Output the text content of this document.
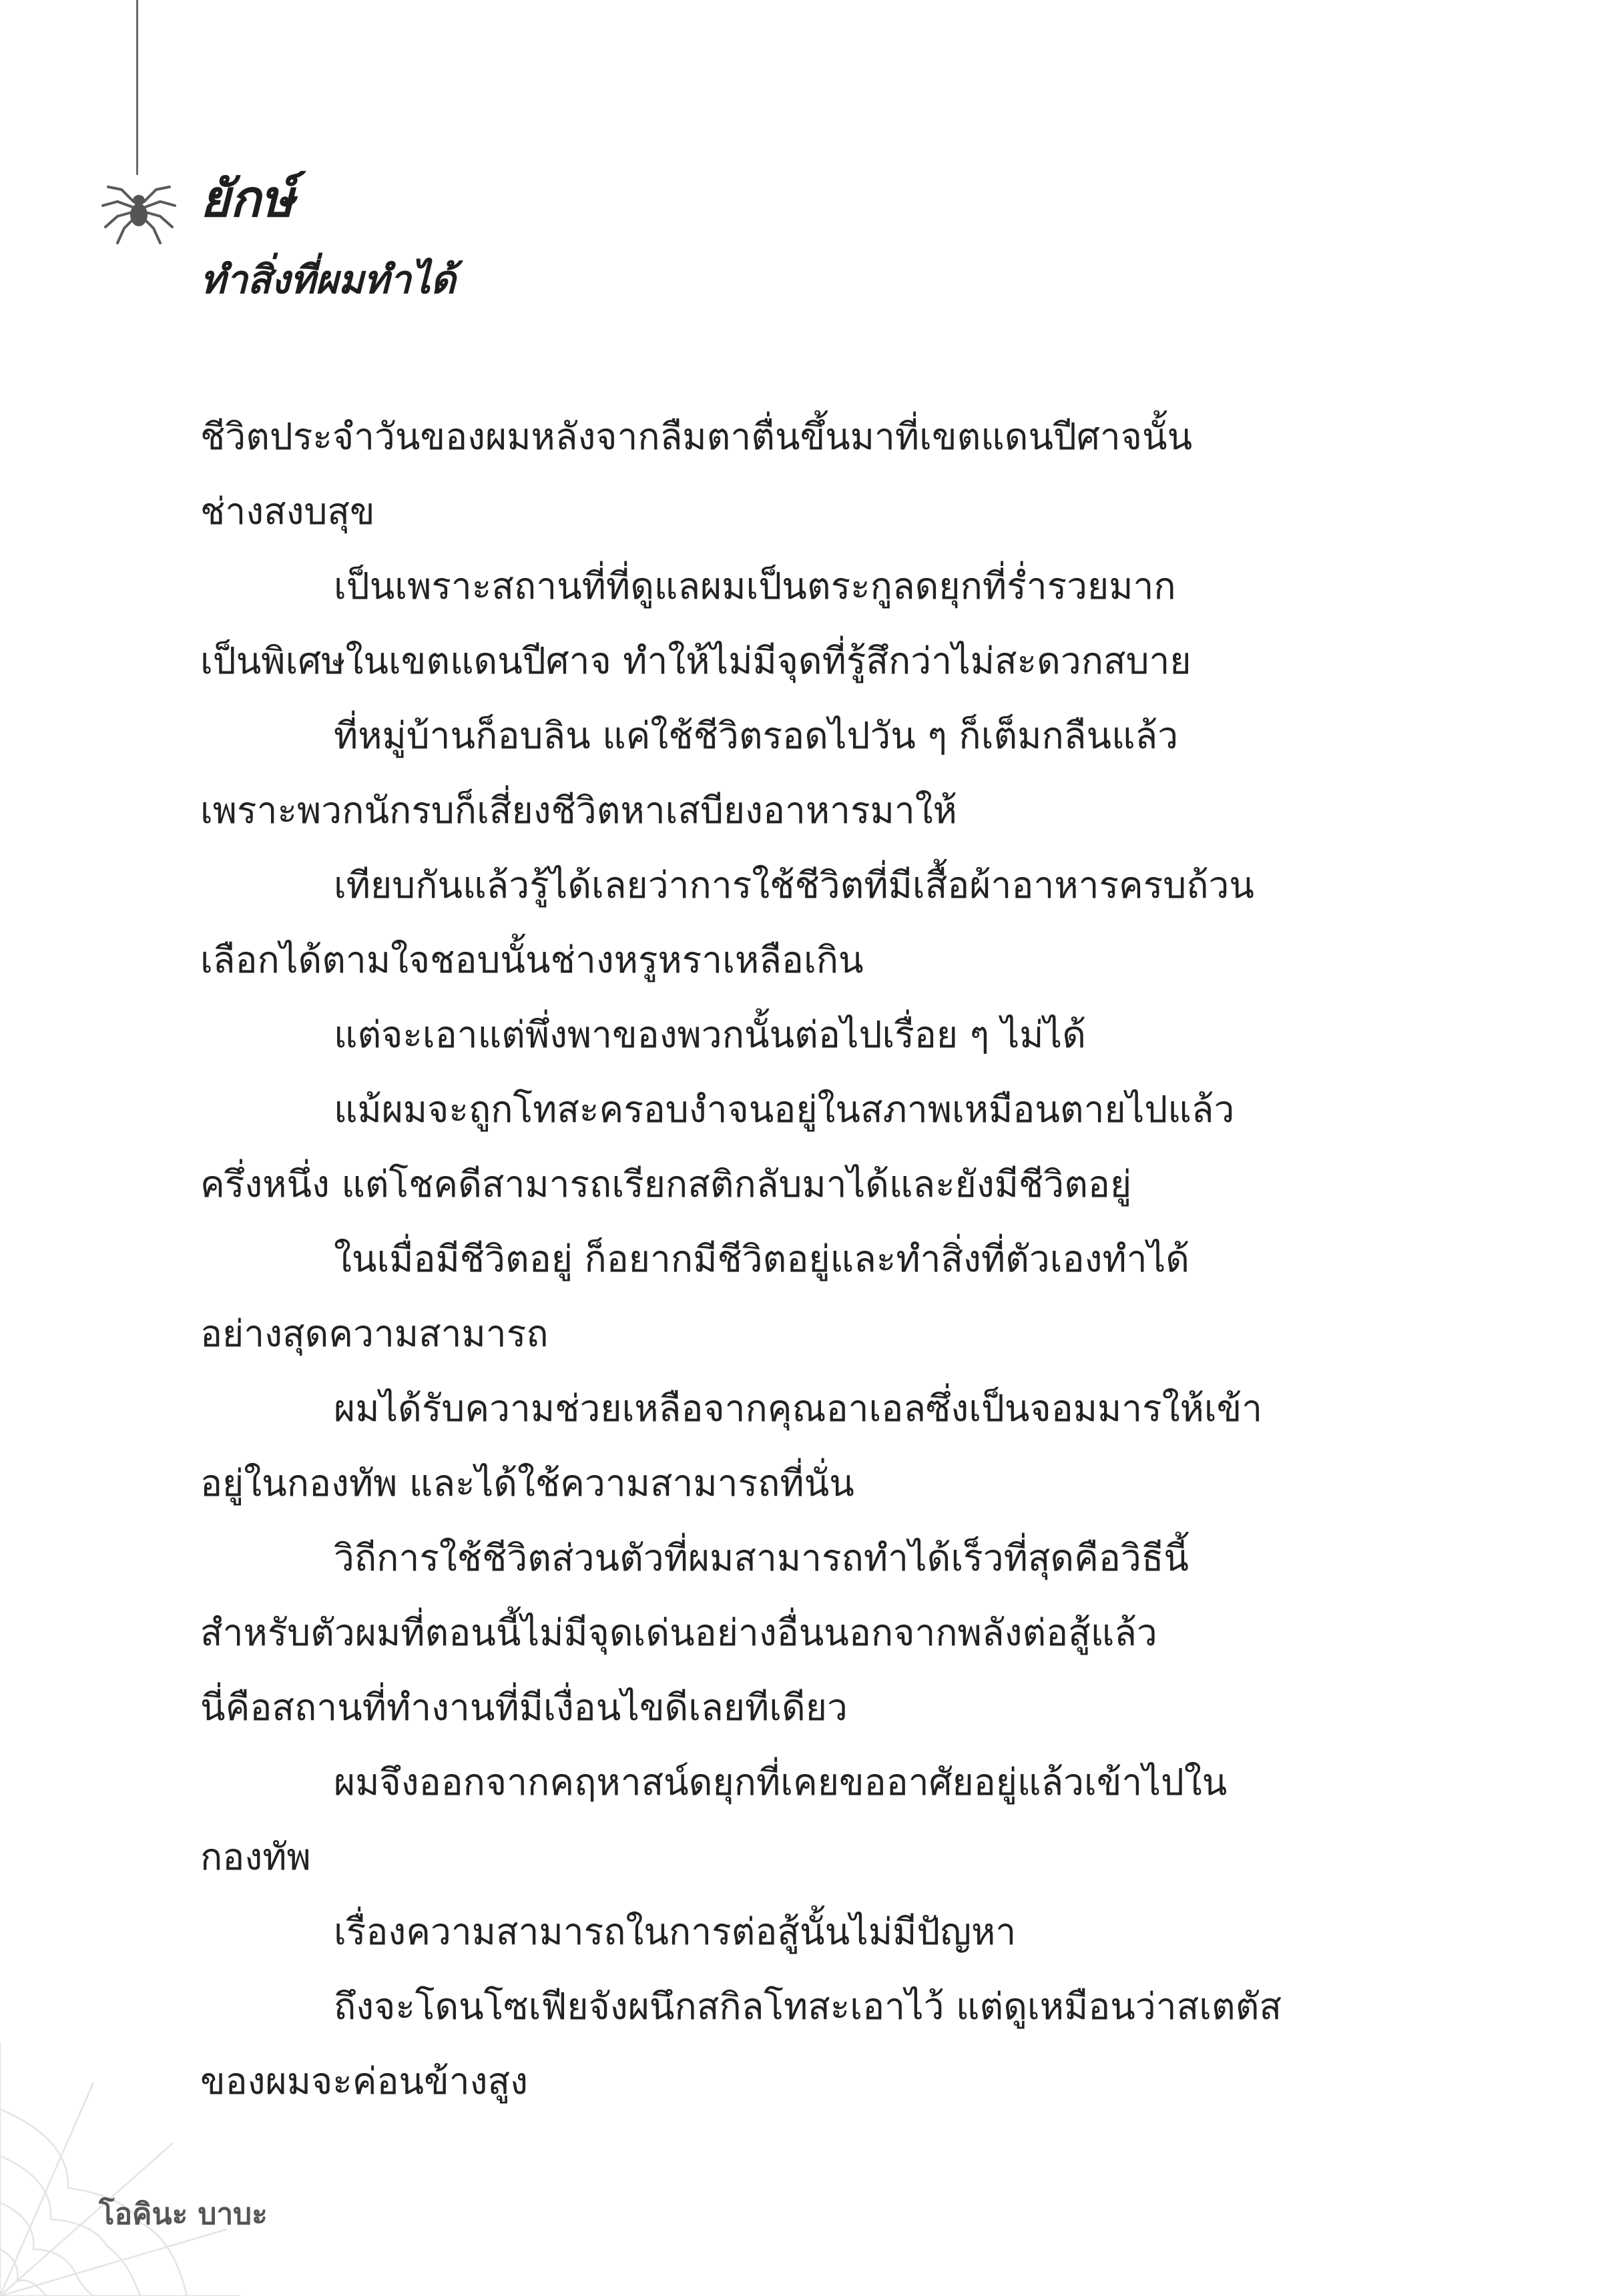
ยักษ์
ทำสิ่งที่ผมทำได้

ชีวิตประจำวันของผมหลังจากลืมตาตื่นขึ้นมาที่เขตแดนปีศาจนั้น

ช่างสงบสุข

เป็นเพราะสถานที่ที่ดูแลผมเป็นตระกูลดยุกที่ร่ำรวยมาก

เป็นพิเศษในเขตแดนปีศาจ ทำให้ไม่มีจุดที่รู้สึกว่าไม่สะดวกสบาย

ที่หมู่บ้านก็อบลิน แค่ใช้ชีวิตรอดไปวัน ๆ ก็เต็มกลืนแล้ว

เพราะพวกนักรบก็เสี่ยงชีวิตหาเสบียงอาหารมาให้

เทียบกันแล้วรู้ได้เลยว่าการใช้ชีวิตที่มีเสื้อผ้าอาหารครบถ้วน

เลือกได้ตามใจชอบนั้นช่างหรูหราเหลือเกิน

แต่จะเอาแต่พึ่งพาของพวกนั้นต่อไปเรื่อย ๆ ไม่ได้

แม้ผมจะถูกโทสะครอบงำจนอยู่ในสภาพเหมือนตายไปแล้ว

ครึ่งหนึ่ง แต่โชคดีสามารถเรียกสติกลับมาได้และยังมีชีวิตอยู่

ในเมื่อมีชีวิตอยู่ ก็อยากมีชีวิตอยู่และทำสิ่งที่ตัวเองทำได้

อย่างสุดความสามารถ

ผมได้รับความช่วยเหลือจากคุณอาเอลซึ่งเป็นจอมมารให้เข้า

อยู่ในกองทัพ และได้ใช้ความสามารถที่นั่น

วิถีการใช้ชีวิตส่วนตัวที่ผมสามารถทำได้เร็วที่สุดคือวิธีนี้

สำหรับตัวผมที่ตอนนี้ไม่มีจุดเด่นอย่างอื่นนอกจากพลังต่อสู้แล้ว

นี่คือสถานที่ทำงานที่มีเงื่อนไขดีเลยทีเดียว

ผมจึงออกจากคฤหาสน์ดยุกที่เคยขออาศัยอยู่แล้วเข้าไปใน

กองทัพ

เรื่องความสามารถในการต่อสู้นั้นไม่มีปัญหา

ถึงจะโดนโซเฟียจังผนึกสกิลโทสะเอาไว้ แต่ดูเหมือนว่าสเตตัส

ของผมจะค่อนข้างสูง

โอคินะ บาบะ
